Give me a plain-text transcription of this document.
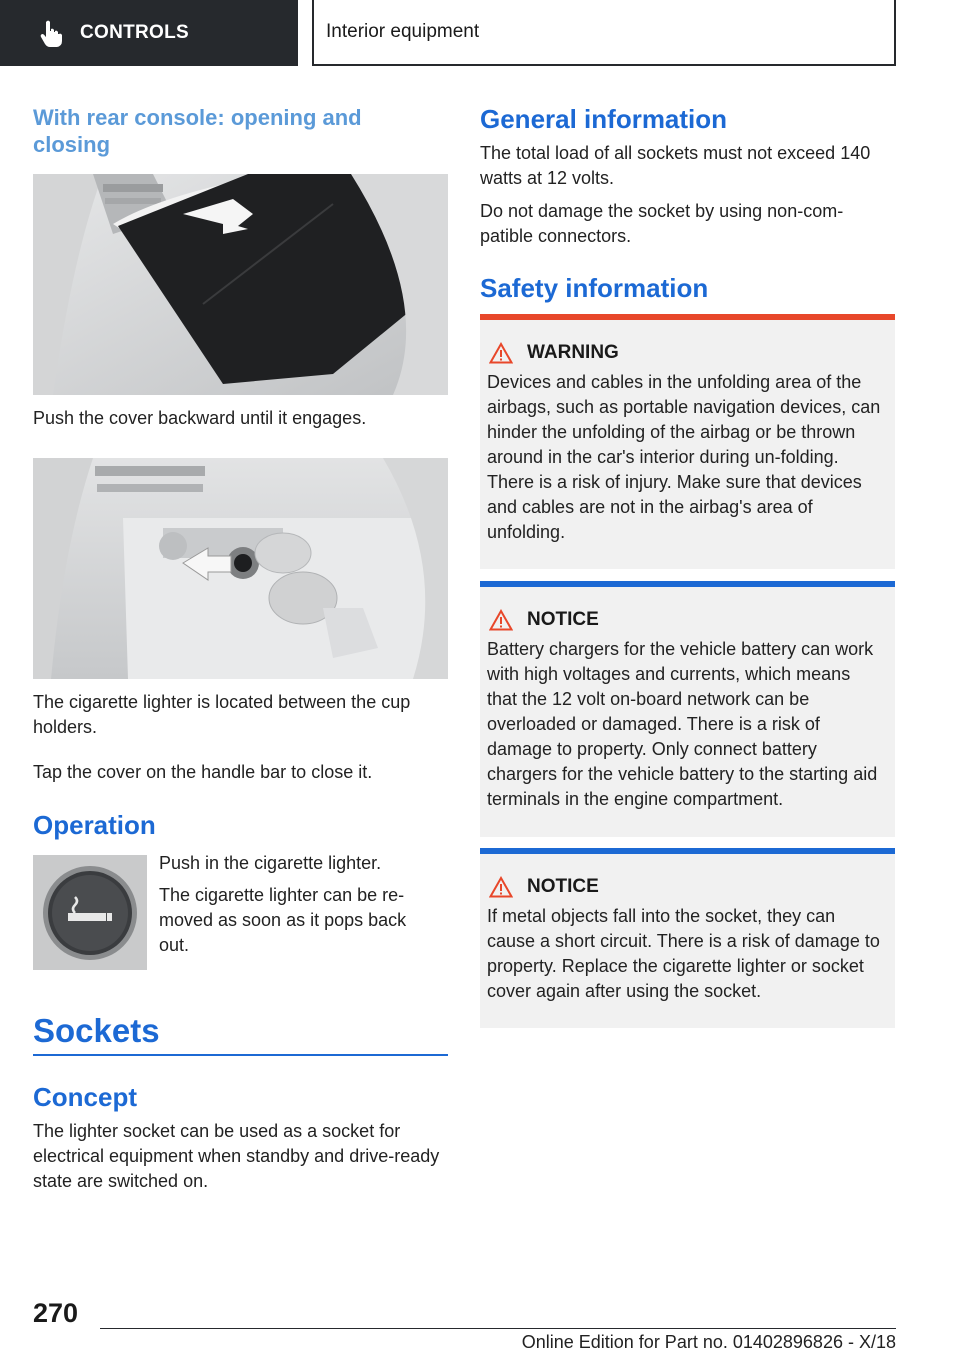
CONTROLS	Interior equipment
With rear console: opening and closing
Push the cover backward until it engages.
The cigarette lighter is located between the cup holders.
Tap the cover on the handle bar to close it.
Operation
Push in the cigarette lighter.
The cigarette lighter can be re-moved as soon as it pops back out.
Sockets
Concept
The lighter socket can be used as a socket for electrical equipment when standby and drive-ready state are switched on.
General information
The total load of all sockets must not exceed 140 watts at 12 volts.
Do not damage the socket by using non-com-patible connectors.
Safety information
WARNING
Devices and cables in the unfolding area of the airbags, such as portable navigation devices, can hinder the unfolding of the airbag or be thrown around in the car's interior during un-folding. There is a risk of injury. Make sure that devices and cables are not in the airbag's area of unfolding.
NOTICE
Battery chargers for the vehicle battery can work with high voltages and currents, which means that the 12 volt on-board network can be overloaded or damaged. There is a risk of damage to property. Only connect battery chargers for the vehicle battery to the starting aid terminals in the engine compartment.
NOTICE
If metal objects fall into the socket, they can cause a short circuit. There is a risk of damage to property. Replace the cigarette lighter or socket cover again after using the socket.
270
Online Edition for Part no. 01402896826 - X/18
